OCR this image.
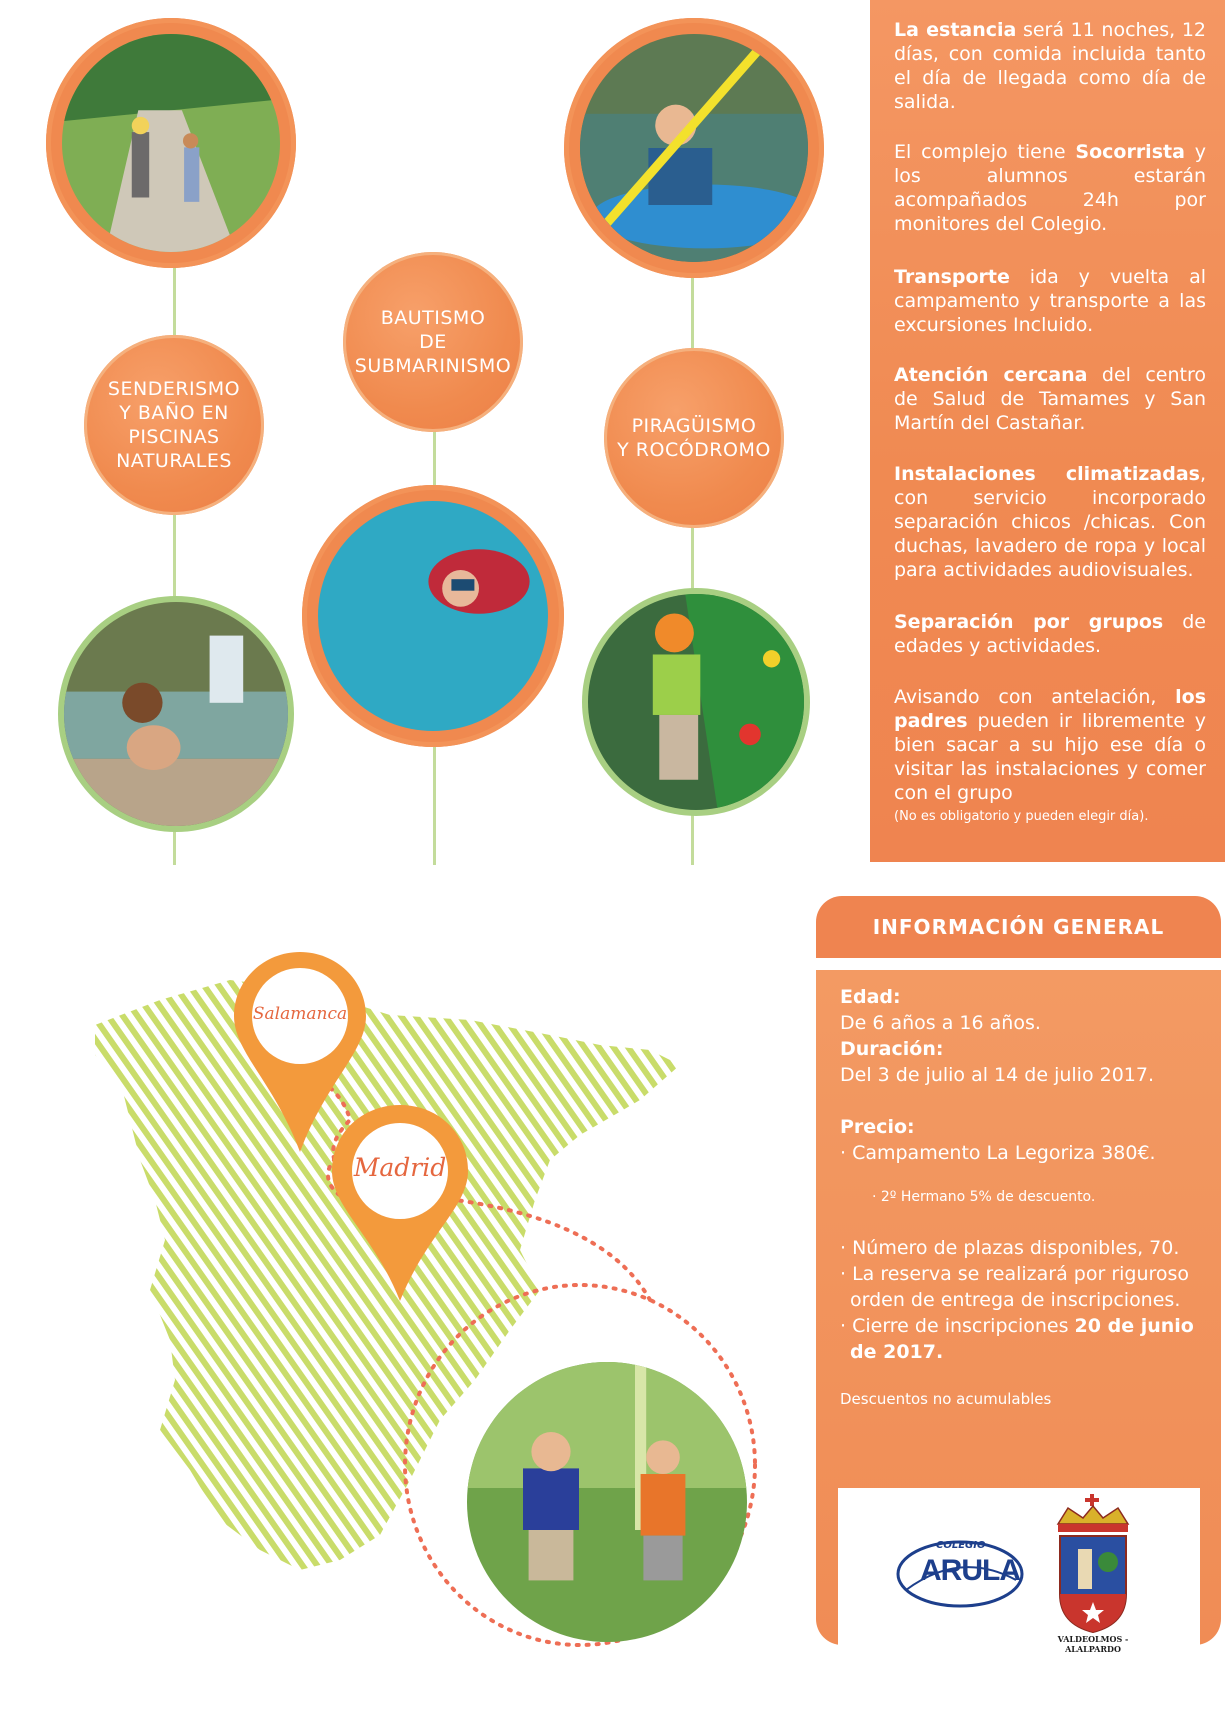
SENDERISMO
Y BAÑO EN
PISCINAS
NATURALES
BAUTISMO
DE
SUBMARINISMO
PIRAGÜISMO
Y ROCÓDROMO
La estancia será 11 noches, 12 días, con comida incluida tanto el día de llegada como día de salida.
El complejo tiene Socorrista y los alumnos estarán acompañados 24h por monitores del Colegio.
Transporte ida y vuelta al campamento y transporte a las excursiones Incluido.
Atención cercana del centro de Salud de Tamames y San Martín del Castañar.
Instalaciones climatizadas, con servicio incorporado separación chicos /chicas. Con duchas, lavadero de ropa y local para actividades audiovisuales.
Separación por grupos de edades y actividades.
Avisando con antelación, los padres pueden ir libremente y bien sacar a su hijo ese día o visitar las instalaciones y comer con el grupo
(No es obligatorio y pueden elegir día).
Salamanca
Madrid
INFORMACIÓN GENERAL
Edad:
De 6 años a 16 años.
Duración:
Del 3 de julio al 14 de julio 2017.
Precio:
· Campamento La Legoriza 380€.
· 2º Hermano 5% de descuento.
· Número de plazas disponibles, 70.
· La reserva se realizará por riguroso
orden de entrega de inscripciones.
· Cierre de inscripciones 20 de junio
de 2017.
Descuentos no acumulables
COLEGIO
ARULA
VALDEOLMOS - ALALPARDO
